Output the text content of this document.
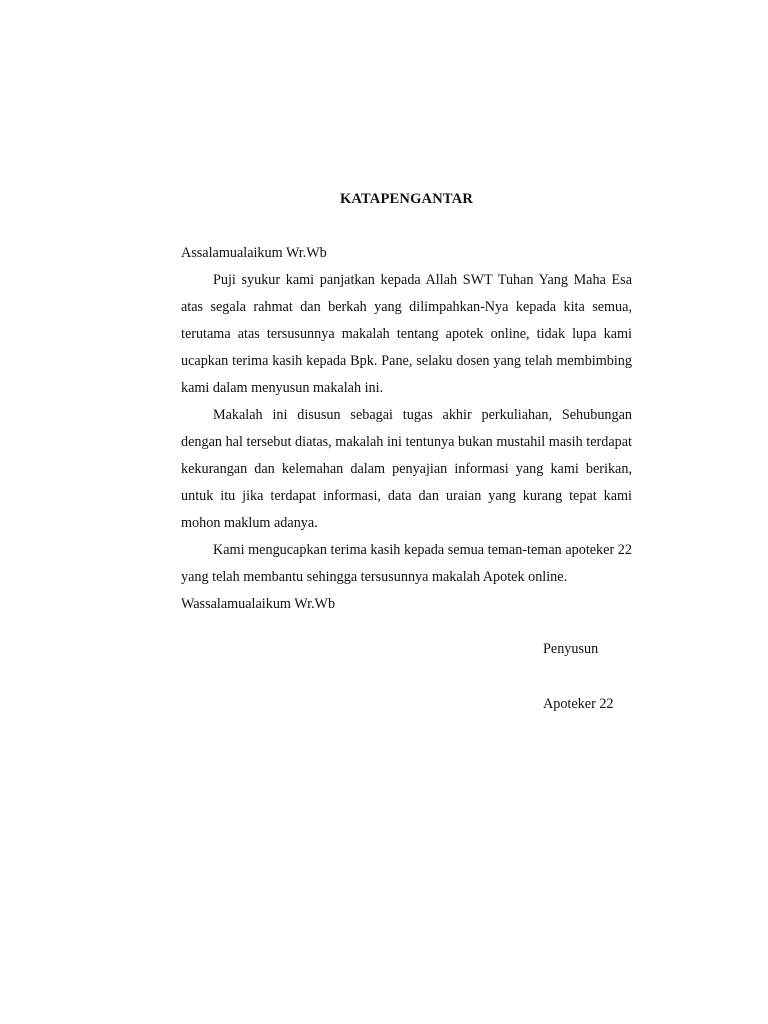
KATAPENGANTAR

Assalamualaikum Wr.Wb

Puji syukur kami panjatkan kepada Allah SWT Tuhan Yang Maha Esa atas segala rahmat dan berkah yang dilimpahkan-Nya kepada kita semua, terutama atas tersusunnya makalah tentang apotek online, tidak lupa kami ucapkan terima kasih kepada Bpk. Pane, selaku dosen yang telah membimbing kami dalam menyusun makalah ini.

Makalah ini disusun sebagai tugas akhir perkuliahan, Sehubungan dengan hal tersebut diatas, makalah ini tentunya bukan mustahil masih terdapat kekurangan dan kelemahan dalam penyajian informasi yang kami berikan, untuk itu jika terdapat informasi, data dan uraian yang kurang tepat kami mohon maklum adanya.

Kami mengucapkan terima kasih kepada semua teman-teman apoteker 22 yang telah membantu sehingga tersusunnya makalah Apotek online.

Wassalamualaikum Wr.Wb

Penyusun
Apoteker 22
